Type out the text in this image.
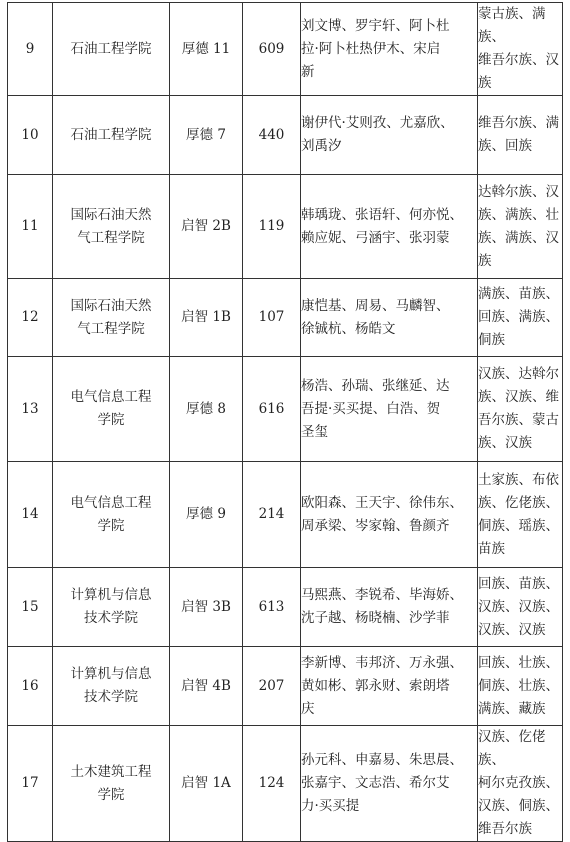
9	石油工程学院	厚德 11	609	刘文博、罗宇轩、阿卜杜
拉·阿卜杜热伊木、宋启
新	蒙古族、满族、
维吾尔族、汉
族

10	石油工程学院	厚德 7	440	谢伊代·艾则孜、尤嘉欣、
刘禹汐	维吾尔族、满
族、回族

11	国际石油天然
气工程学院	启智 2B	119	韩瑀珑、张语轩、何亦悦、
赖应妮、弓涵宇、张羽蒙	达斡尔族、汉
族、满族、壮
族、满族、汉
族

12	国际石油天然
气工程学院	启智 1B	107	康恺基、周易、马麟智、
徐铖杭、杨皓文	满族、苗族、
回族、满族、
侗族

13	电气信息工程
学院	厚德 8	616	杨浩、孙瑞、张继延、达
吾提·买买提、白浩、贺
圣玺	汉族、达斡尔
族、汉族、维
吾尔族、蒙古
族、汉族

14	电气信息工程
学院	厚德 9	214	欧阳森、王天宇、徐伟东、
周承梁、岑家翰、鲁颜齐	土家族、布依
族、仡佬族、
侗族、瑶族、
苗族

15	计算机与信息
技术学院	启智 3B	613	马熙燕、李锐希、毕海娇、
沈子越、杨晓楠、沙学菲	回族、苗族、
汉族、汉族、
汉族、汉族

16	计算机与信息
技术学院	启智 4B	207	李新博、韦邦济、万永强、
黄如彬、郭永财、索朗塔
庆	回族、壮族、
侗族、壮族、
满族、藏族

17	土木建筑工程
学院	启智 1A	124	孙元科、申嘉易、朱思晨、
张嘉宇、文志浩、希尔艾
力·买买提	汉族、仡佬族、
柯尔克孜族、
汉族、侗族、
维吾尔族
